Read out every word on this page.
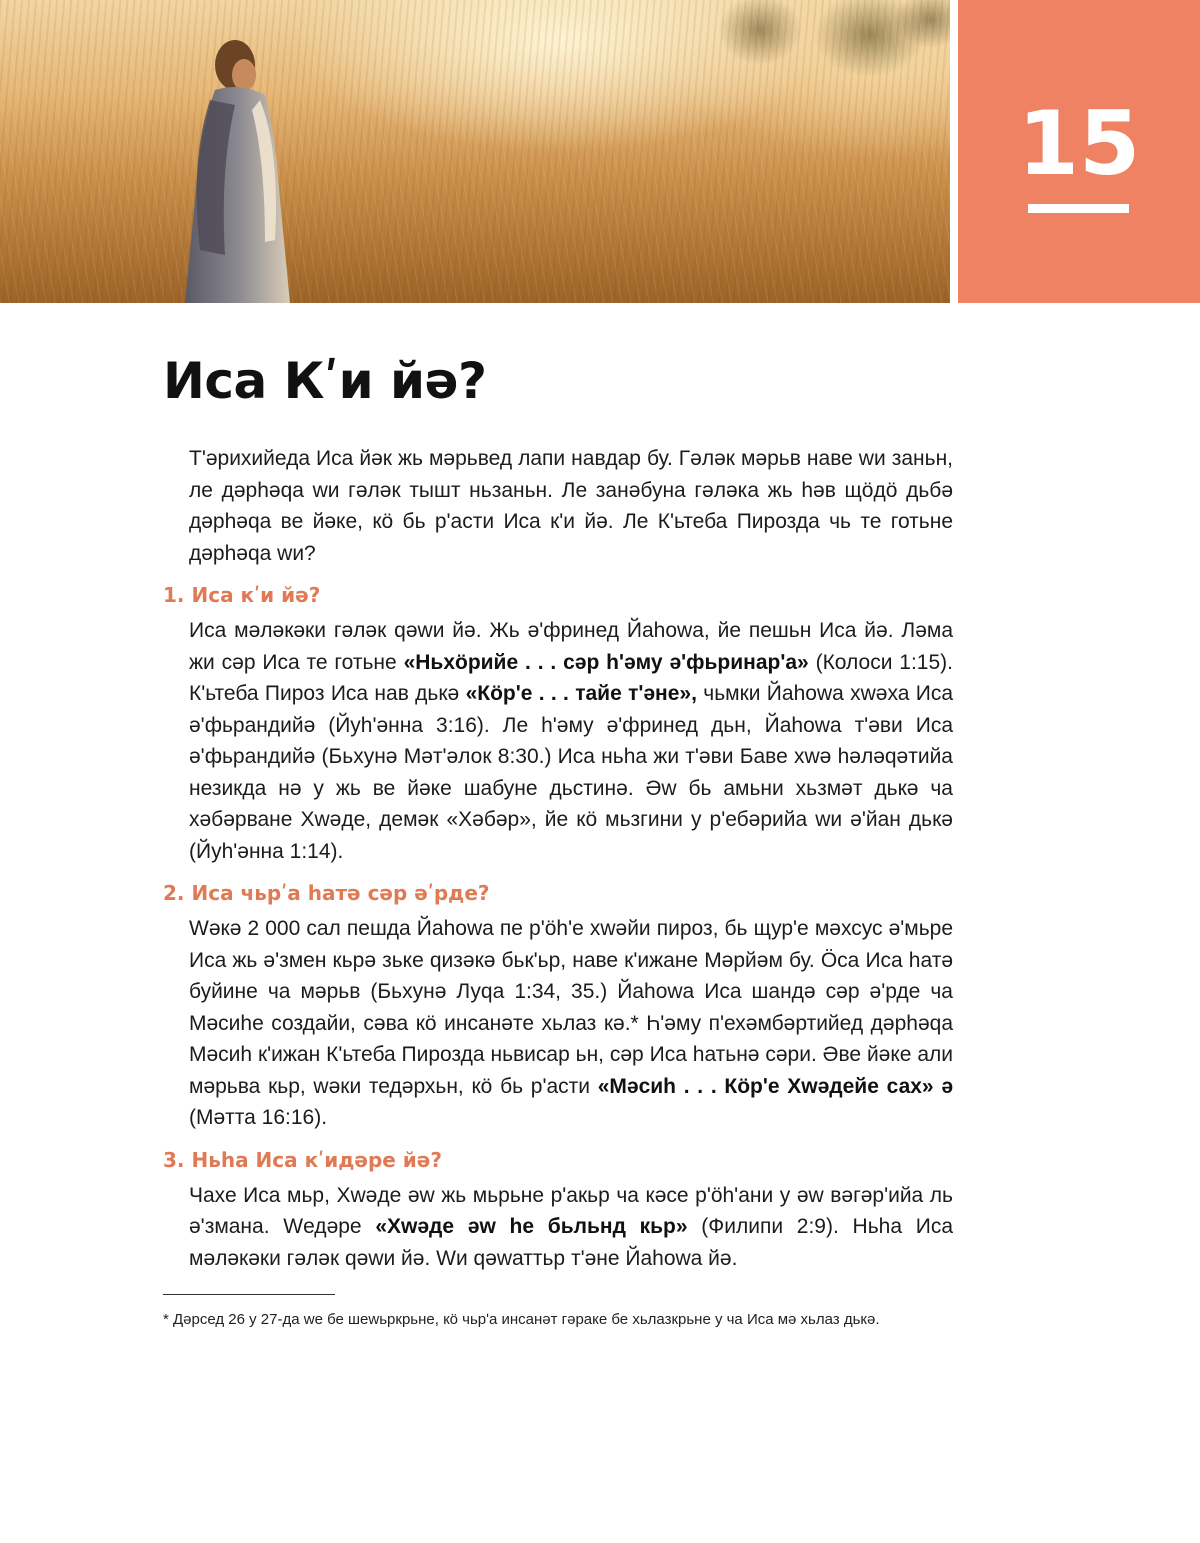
15
Иса Кʹи йә?

Тʹәрихийеда Иса йәк жь мәрьвед лапи навдар бу. Гәләк мәрьв наве wи заньн, ле дәрһәqа wи гәләк тышт ньзаньн. Ле занәбуна гәләка жь һәв щӧдӧ дьбә дәрһәqа ве йәке, кӧ бь рʹасти Иса кʹи йә. Ле Кʹьтеба Пирозда чь те готьне дәрһәqа wи?

1. Иса кʹи йә?

Иса мәләкәки гәләк qәwи йә. Жь әʹфринед Йаһоwа, йе пешьн Иса йә. Ләма жи сәр Иса те готьне «Ньхӧрийе . . . сәр һʹәму әʹфьринарʹа» (Колоси 1:15). Кʹьтеба Пироз Иса нав дькә «Кӧрʹе . . . тайе тʹәне», чьмки Йаһоwа хwәха Иса әʹфьрандийә (Йуһʹәнна 3:16). Ле һʹәму әʹфринед дьн, Йаһоwа тʹәви Иса әʹфьрандийә (Бьхунә Мәтʹәлок 8:30.) Иса ньһа жи тʹәви Баве хwә һәләqәтийа незикда нә у жь ве йәке шабуне дьстинә. Әw бь амьни хьзмәт дькә ча хәбәрване Хwәде, демәк «Хәбәр», йе кӧ мьзгини у рʹебәрийа wи әʹйан дькә (Йуһʹәнна 1:14).

2. Иса чьрʹа һатә сәр әʹрде?

Wәкә 2 000 сал пешда Йаһоwа пе рʹӧһʹе хwәйи пироз, бь щурʹе мәхсус әʹмьре Иса жь әʹзмен кьрә зьке qизәкә бькʹьр, наве кʹижане Мәрйәм бу. Ӧса Иса һатә буйине ча мәрьв (Бьхунә Луqа 1:34, 35.) Йаһоwа Иса шандә сәр әʹрде ча Мәсиһе создайи, сәва кӧ инсанәте хьлаз кә.* Һʹәму пʹехәмбәртийед дәрһәqа Мәсиһ кʹижан Кʹьтеба Пирозда ньвисар ьн, сәр Иса һатьнә сәри. Әве йәке али мәрьва кьр, wәки тедәрхьн, кӧ бь рʹасти «Мәсиһ . . . Кӧрʹе Хwәдейе сах» ә (Мәтта 16:16).

3. Ньһа Иса кʹидәре йә?

Чахе Иса мьр, Хwәде әw жь мьрьне рʹакьр ча кәсе рʹӧһʹани у әw вәгәрʹийа ль әʹзмана. Wедәре «Хwәде әw һе бьльнд кьр» (Филипи 2:9). Ньһа Иса мәләкәки гәләк qәwи йә. Wи qәwаттьр тʹәне Йаһоwа йә.

* Дәрсед 26 у 27-да wе бе шеwьркрьне, кӧ чьрʹа инсанәт гәраке бе хьлазкрьне у ча Иса мә хьлаз дькә.
